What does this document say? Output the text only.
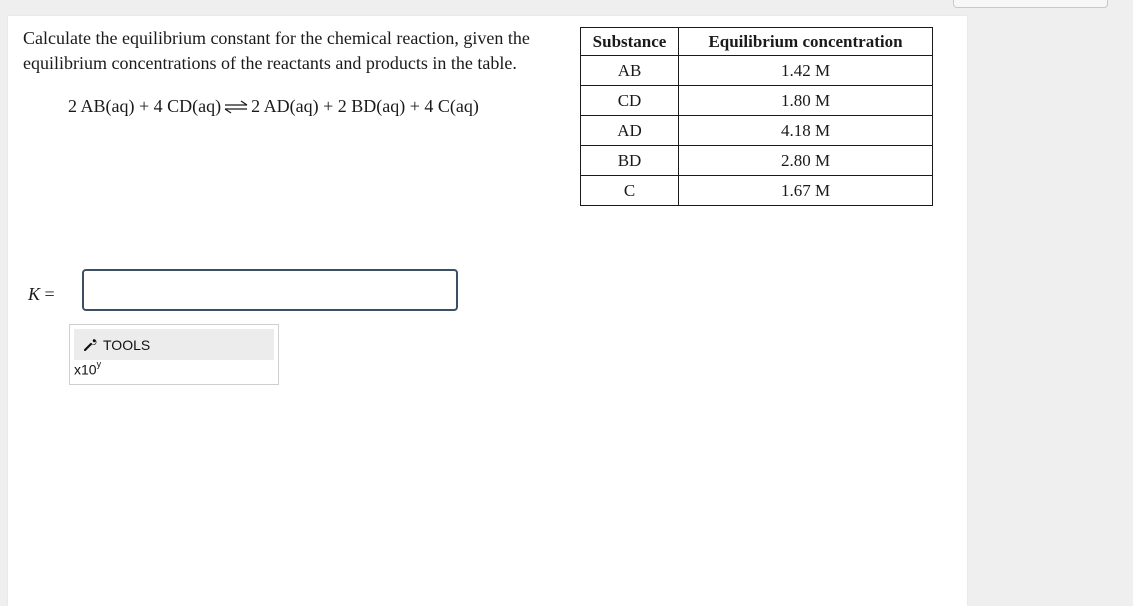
Calculate the equilibrium constant for the chemical reaction, given the equilibrium concentrations of the reactants and products in the table.
2 AB(aq) + 4 CD(aq) ⇌ 2 AD(aq) + 2 BD(aq) + 4 C(aq)
Substance	Equilibrium concentration
AB	1.42 M
CD	1.80 M
AD	4.18 M
BD	2.80 M
C	1.67 M
K =
TOOLS
x10$^y$
